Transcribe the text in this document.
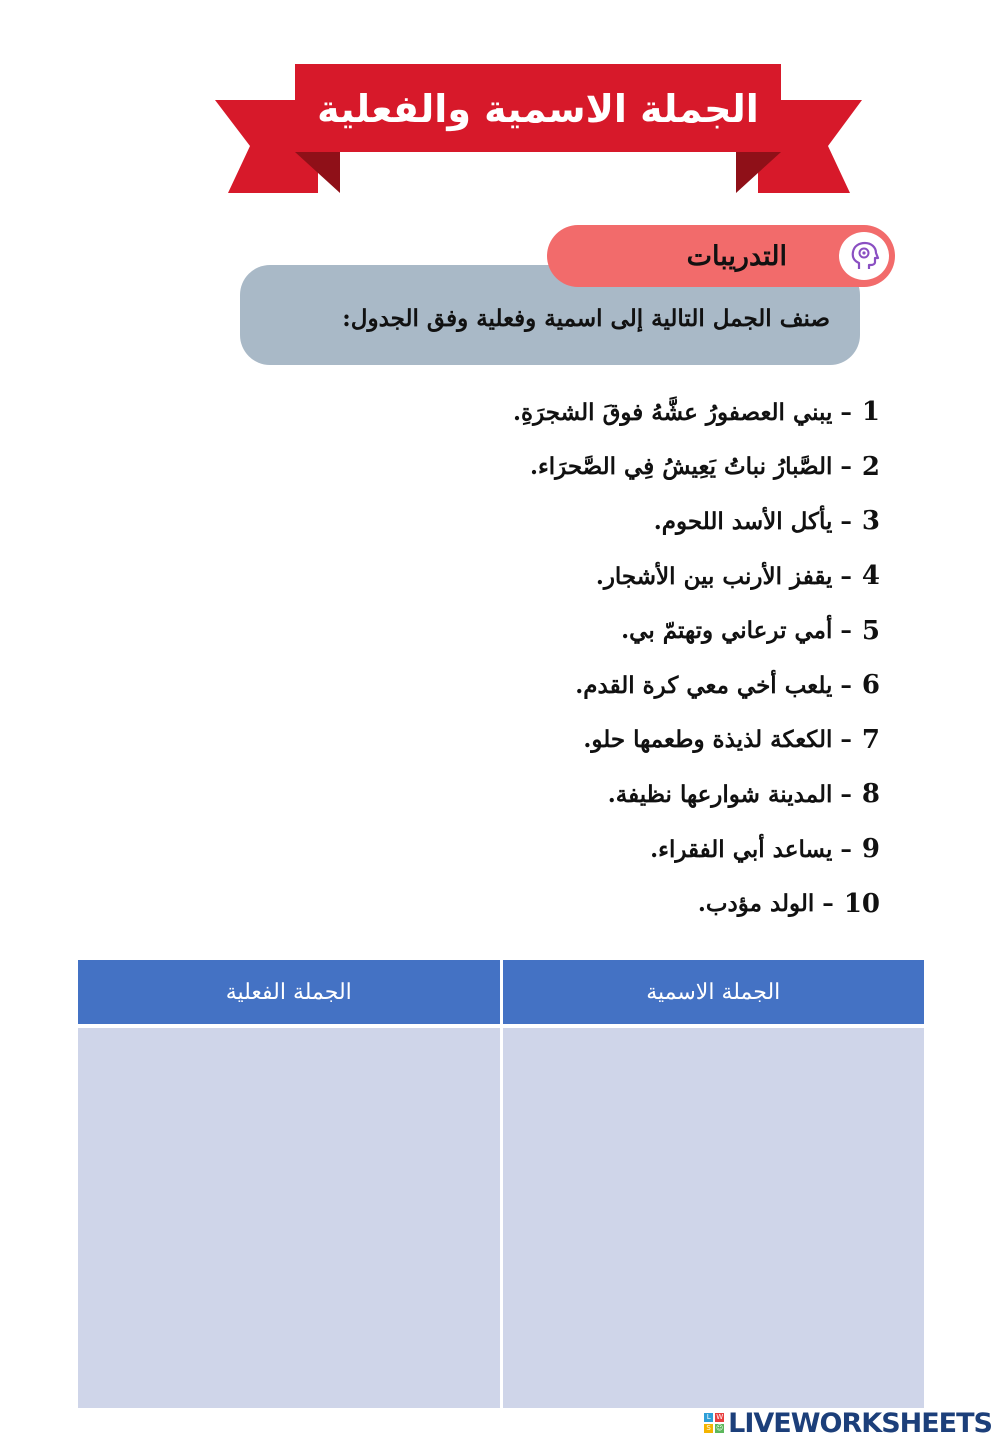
الجملة الاسمية والفعلية
التدريبات
صنف الجمل التالية إلى اسمية وفعلية وفق الجدول:
1
– يبني العصفورُ عشَّهُ فوقَ الشجرَةِ.
2
– الصَّبارُ نباتُ يَعِيشُ فِي الصَّحرَاء.
3
– يأكل الأسد اللحوم.
4
– يقفز الأرنب بين الأشجار.
5
– أمي ترعاني وتهتمّ بي.
6
– يلعب أخي معي كرة القدم.
7
– الكعكة لذيذة وطعمها حلو.
8
– المدينة شوارعها نظيفة.
9
– يساعد أبي الفقراء.
10
– الولد مؤدب.
الجملة الاسمية
الجملة الفعلية
L W
S ☺ LIVEWORKSHEETS
